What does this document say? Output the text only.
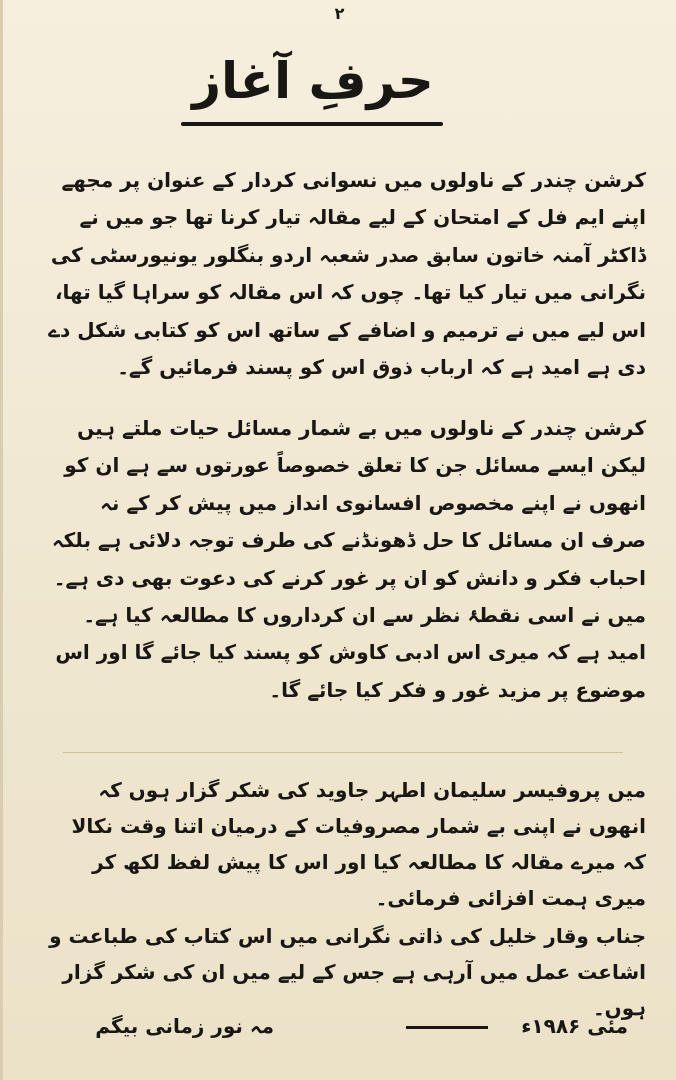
۲
حرفِ آغاز

کرشن چندر کے ناولوں میں نسوانی کردار کے عنوان پر مجھے اپنے ایم فل کے امتحان کے لیے مقالہ تیار کرنا تھا جو میں نے ڈاکٹر آمنہ خاتون سابق صدر شعبہ اردو بنگلور یونیورسٹی کی نگرانی میں تیار کیا تھا۔ چوں کہ اس مقالہ کو سراہا گیا تھا، اس لیے میں نے ترمیم و اضافے کے ساتھ اس کو کتابی شکل دے دی ہے امید ہے کہ ارباب ذوق اس کو پسند فرمائیں گے۔

کرشن چندر کے ناولوں میں بے شمار مسائل حیات ملتے ہیں لیکن ایسے مسائل جن کا تعلق خصوصاً عورتوں سے ہے ان کو انھوں نے اپنے مخصوص افسانوی انداز میں پیش کر کے نہ صرف ان مسائل کا حل ڈھونڈنے کی طرف توجہ دلائی ہے بلکہ احباب فکر و دانش کو ان پر غور کرنے کی دعوت بھی دی ہے۔ میں نے اسی نقطۂ نظر سے ان کرداروں کا مطالعہ کیا ہے۔ امید ہے کہ میری اس ادبی کاوش کو پسند کیا جائے گا اور اس موضوع پر مزید غور و فکر کیا جائے گا۔

میں پروفیسر سلیمان اطہر جاوید کی شکر گزار ہوں کہ انھوں نے اپنی بے شمار مصروفیات کے درمیان اتنا وقت نکالا کہ میرے مقالہ کا مطالعہ کیا اور اس کا پیش لفظ لکھ کر میری ہمت افزائی فرمائی۔

جناب وقار خلیل کی ذاتی نگرانی میں اس کتاب کی طباعت و اشاعت عمل میں آرہی ہے جس کے لیے میں ان کی شکر گزار ہوں۔

مئی ۱۹۸۶ء
مہ نور زمانی بیگم
